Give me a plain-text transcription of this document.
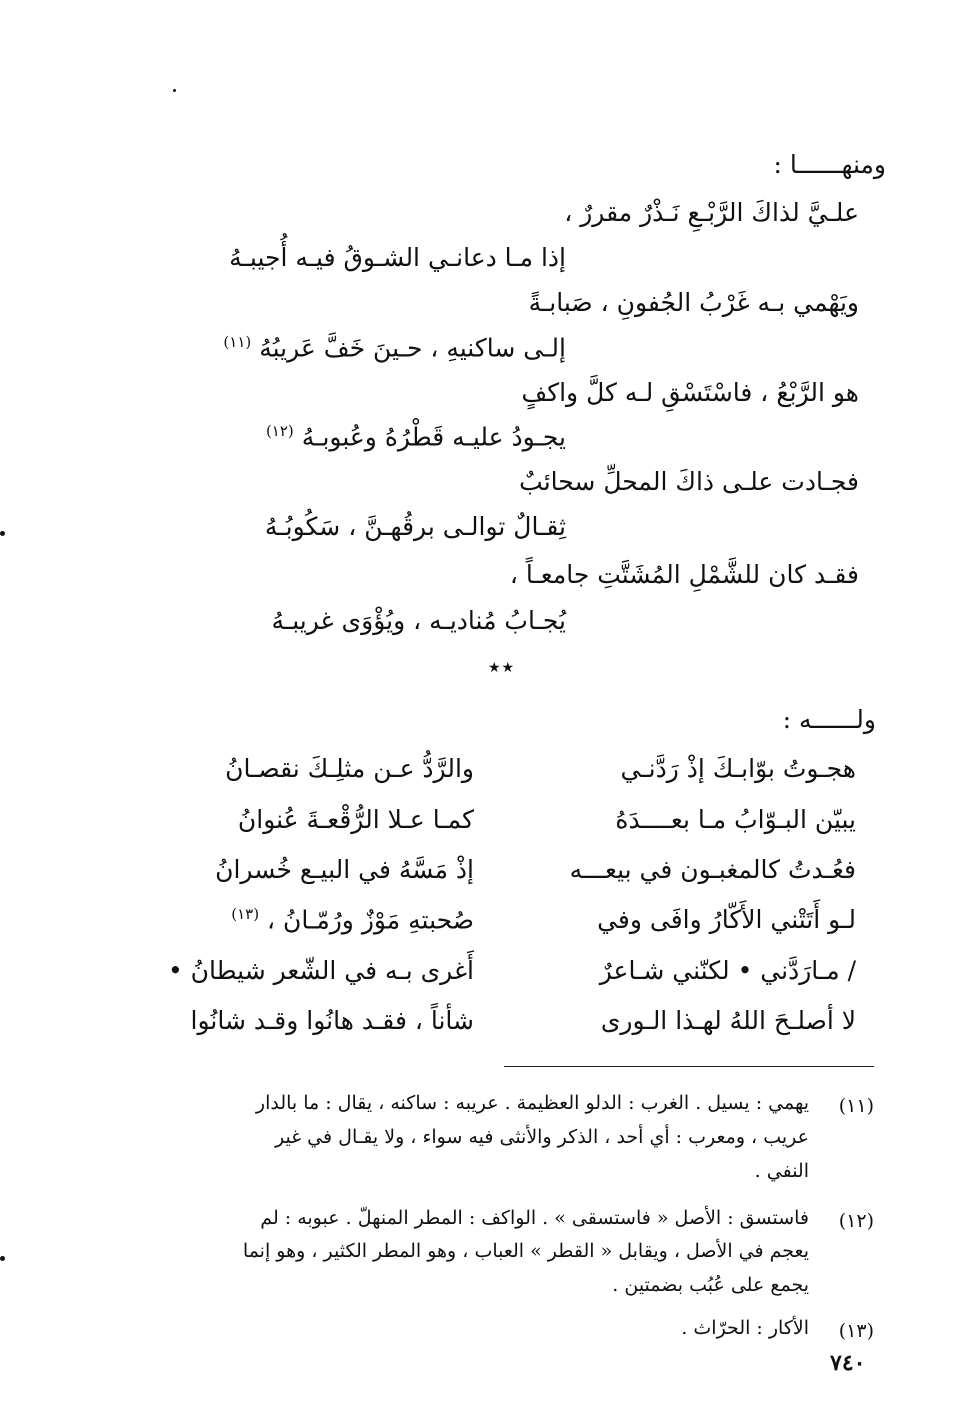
ومنهــــــا :
علـيَّ لذاكَ الرَّبْـعِ نَـذْرٌ مقررٌ ،
إذا مـا دعانـي الشـوقُ فيـه أُجيبـهُ
ويَهْمي بـه غَرْبُ الجُفونِ ، صَبابـةً
إلـى ساكنيهِ ، حـينَ خَفَّ عَريبُهُ $^{(١١)}$
هو الرَّبْعُ ، فاسْتَسْقِ لـه كلَّ واكفٍ
يجـودُ عليـه قَطْرُهُ وعُبوبـهُ $^{(١٢)}$
فجـادت علـى ذاكَ المحلِّ سحائبٌ
ثِقـالٌ توالـى برقُهـنَّ ، سَكُوبُـهُ
فقـد كان للشَّمْلِ المُشَتَّتِ جامعـاً ،
يُجـابُ مُناديـه ، ويُؤْوَى غريبـهُ
★★
ولــــــه :
هجـوتُ بوّابـكَ إذْ رَدَّنـي
والرَّدُّ عـن مثلِـكَ نقصـانُ
يبيّن البـوّابُ مـا بعــــدَهُ
كمـا عـلا الرُّقْعـةَ عُنوانُ
فعُـدتُ كالمغبـون في بيعـــه
إذْ مَسَّهُ في البيـع خُسرانُ
لـو أَتَتْني الأَكّارُ وافَى وفي
صُحبتهِ مَوْزٌ ورُمّـانُ ، $^{(١٣)}$
/ مـارَدَّني • لكنّني شـاعرٌ
أَغرى بـه في الشّعر شيطانُ •
لا أصلـحَ اللهُ لهـذا الـورى
شأناً ، فقـد هانُوا وقـد شانُوا
(١١)
يهمي : يسيل . الغرب : الدلو العظيمة . عريبه : ساكنه ، يقال : ما بالدار
عريب ، ومعرب : أي أحد ، الذكر والأنثى فيه سواء ، ولا يقـال في غير
النفي .
(١٢)
فاستسق : الأصل « فاستسقى » . الواكف : المطر المنهلّ . عبوبه : لم
يعجم في الأصل ، ويقابل « القطر » العباب ، وهو المطر الكثير ، وهو إنما
يجمع على عُبُب بضمتين .
(١٣)
الأكار : الحرّاث .
٧٤٠
